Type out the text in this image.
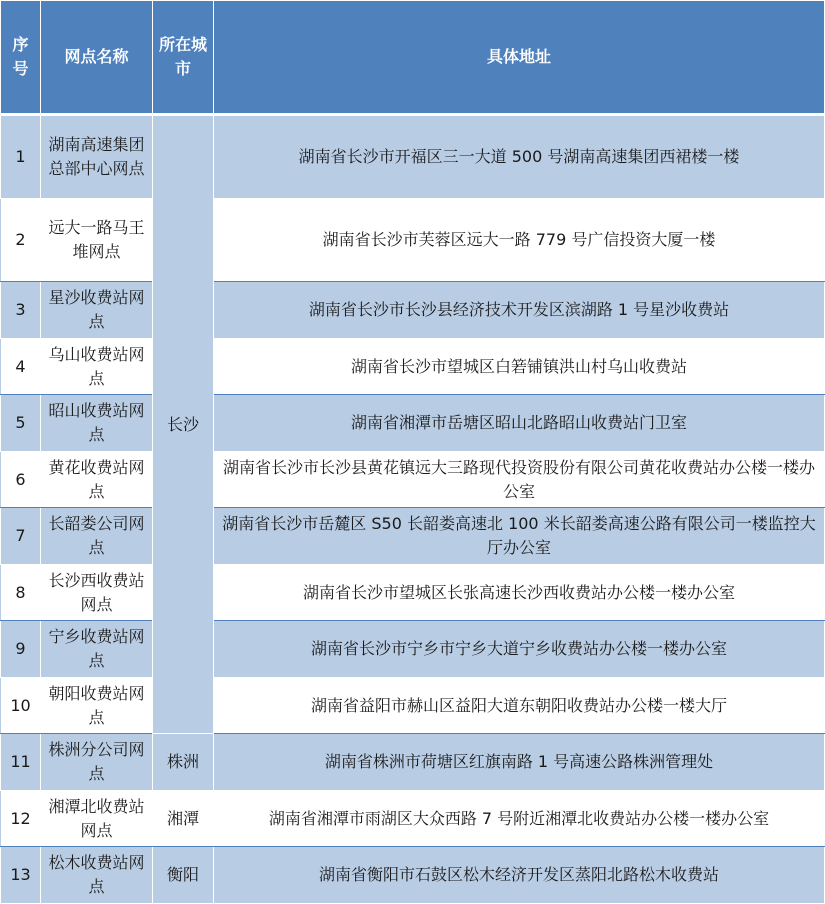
序号	网点名称	所在城市	具体地址
1	湖南高速集团总部中心网点	长沙	湖南省长沙市开福区三一大道 500 号湖南高速集团西裙楼一楼
2	远大一路马王堆网点		湖南省长沙市芙蓉区远大一路 779 号广信投资大厦一楼
3	星沙收费站网点		湖南省长沙市长沙县经济技术开发区滨湖路 1 号星沙收费站
4	乌山收费站网点		湖南省长沙市望城区白箬铺镇洪山村乌山收费站
5	昭山收费站网点		湖南省湘潭市岳塘区昭山北路昭山收费站门卫室
6	黄花收费站网点		湖南省长沙市长沙县黄花镇远大三路现代投资股份有限公司黄花收费站办公楼一楼办公室
7	长韶娄公司网点		湖南省长沙市岳麓区 S50 长韶娄高速北 100 米长韶娄高速公路有限公司一楼监控大厅办公室
8	长沙西收费站网点		湖南省长沙市望城区长张高速长沙西收费站办公楼一楼办公室
9	宁乡收费站网点		湖南省长沙市宁乡市宁乡大道宁乡收费站办公楼一楼办公室
10	朝阳收费站网点		湖南省益阳市赫山区益阳大道东朝阳收费站办公楼一楼大厅
11	株洲分公司网点	株洲	湖南省株洲市荷塘区红旗南路 1 号高速公路株洲管理处
12	湘潭北收费站网点	湘潭	湖南省湘潭市雨湖区大众西路 7 号附近湘潭北收费站办公楼一楼办公室
13	松木收费站网点	衡阳	湖南省衡阳市石鼓区松木经济开发区蒸阳北路松木收费站
